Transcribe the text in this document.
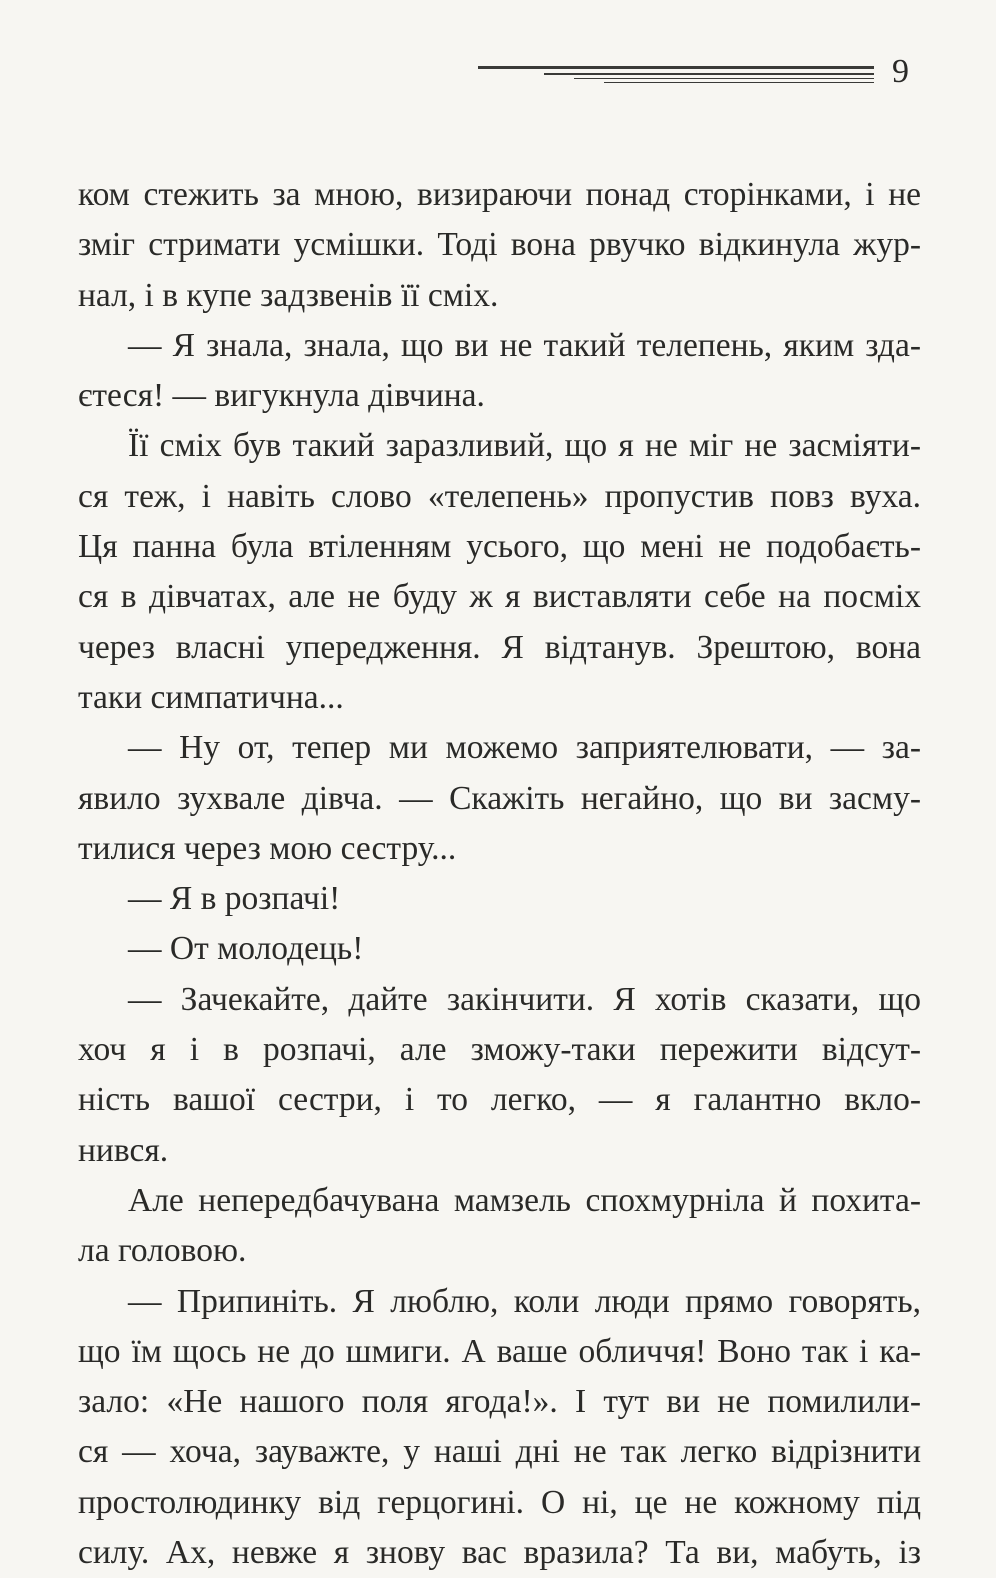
9
ком стежить за мною, визираючи понад сторінками, і не
зміг стримати усмішки. Тоді вона рвучко відкинула жур-
нал, і в купе задзвенів її сміх.
— Я знала, знала, що ви не такий телепень, яким зда-
єтеся! — вигукнула дівчина.
Її сміх був такий заразливий, що я не міг не засміяти-
ся теж, і навіть слово «телепень» пропустив повз вуха.
Ця панна була втіленням усього, що мені не подобаєть-
ся в дівчатах, але не буду ж я виставляти себе на посміх
через власні упередження. Я відтанув. Зрештою, вона
таки симпатична...
— Ну от, тепер ми можемо заприятелювати, — за-
явило зухвале дівча. — Скажіть негайно, що ви засму-
тилися через мою сестру...
— Я в розпачі!
— От молодець!
— Зачекайте, дайте закінчити. Я хотів сказати, що
хоч я і в розпачі, але зможу-таки пережити відсут-
ність вашої сестри, і то легко, — я галантно вкло-
нився.
Але непередбачувана мамзель спохмурніла й похита-
ла головою.
— Припиніть. Я люблю, коли люди прямо говорять,
що їм щось не до шмиги. А ваше обличчя! Воно так і ка-
зало: «Не нашого поля ягода!». І тут ви не помилили-
ся — хоча, зауважте, у наші дні не так легко відрізнити
простолюдинку від герцогині. О ні, це не кожному під
силу. Ах, невже я знову вас вразила? Та ви, мабуть, із
